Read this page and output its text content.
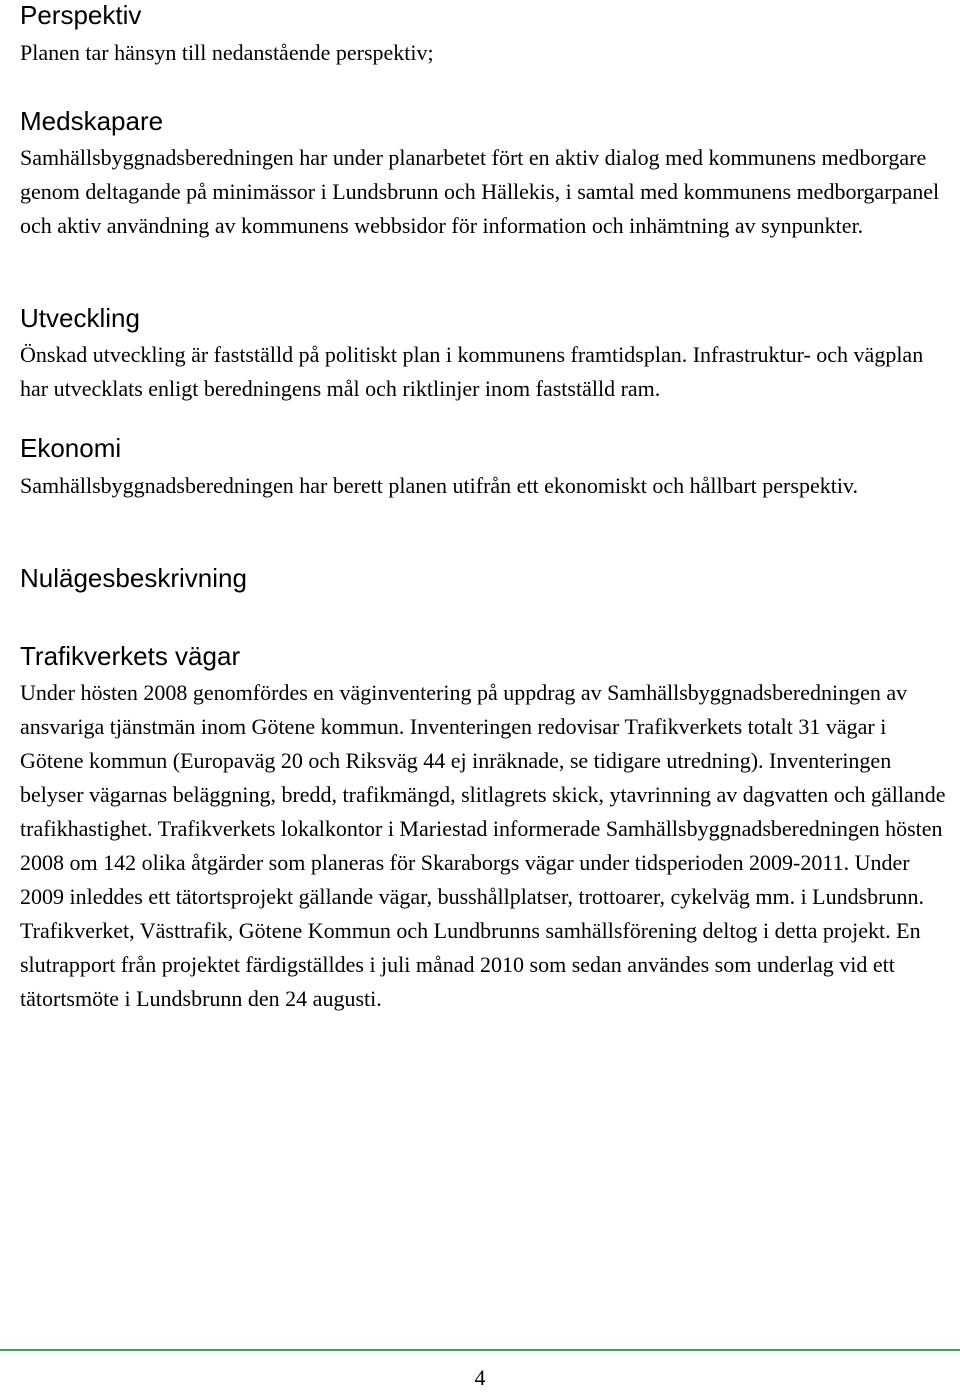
Perspektiv

Planen tar hänsyn till nedanstående perspektiv;

Medskapare

Samhällsbyggnadsberedningen har under planarbetet fört en aktiv dialog med kommunens medborgare genom deltagande på minimässor i Lundsbrunn och Hällekis, i samtal med kommunens medborgarpanel och aktiv användning av kommunens webbsidor för information och inhämtning av synpunkter.

Utveckling

Önskad utveckling är fastställd på politiskt plan i kommunens framtidsplan. Infrastruktur- och vägplan har utvecklats enligt beredningens mål och riktlinjer inom fastställd ram.

Ekonomi

Samhällsbyggnadsberedningen har berett planen utifrån ett ekonomiskt och hållbart perspektiv.

Nulägesbeskrivning
Trafikverkets vägar

Under hösten 2008 genomfördes en väginventering på uppdrag av Samhällsbyggnadsberedningen av ansvariga tjänstmän inom Götene kommun. Inventeringen redovisar Trafikverkets totalt 31 vägar i Götene kommun (Europaväg 20 och Riksväg 44 ej inräknade, se tidigare utredning). Inventeringen belyser vägarnas beläggning, bredd, trafikmängd, slitlagrets skick, ytavrinning av dagvatten och gällande trafikhastighet. Trafikverkets lokalkontor i Mariestad informerade Samhällsbyggnadsberedningen hösten 2008 om 142 olika åtgärder som planeras för Skaraborgs vägar under tidsperioden 2009-2011. Under 2009 inleddes ett tätortsprojekt gällande vägar, busshållplatser, trottoarer, cykelväg mm. i Lundsbrunn. Trafikverket, Västtrafik, Götene Kommun och Lundbrunns samhällsförening deltog i detta projekt. En slutrapport från projektet färdigställdes i juli månad 2010 som sedan användes som underlag vid ett tätortsmöte i Lundsbrunn den 24 augusti.

4
